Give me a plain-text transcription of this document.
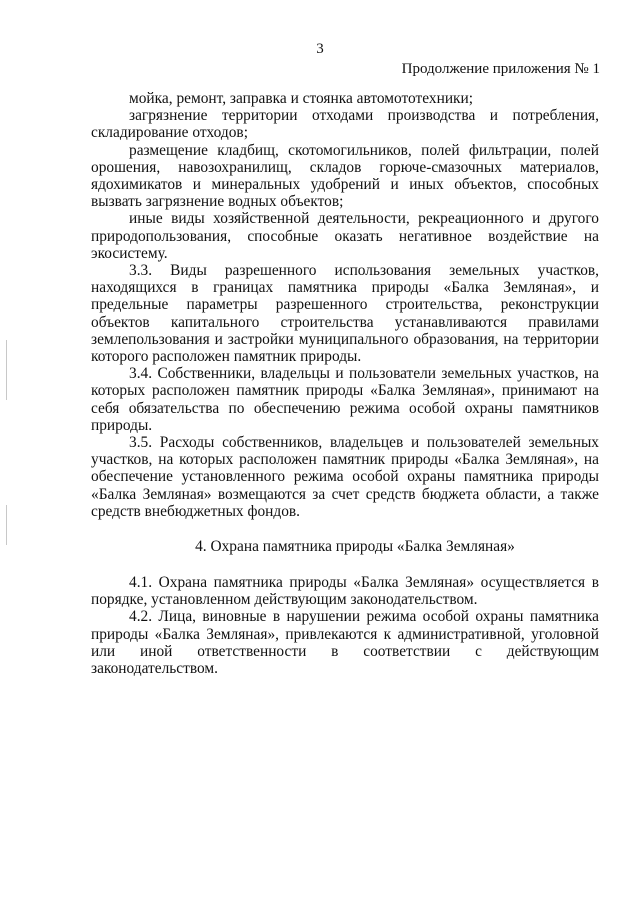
3
Продолжение приложения № 1

мойка, ремонт, заправка и стоянка автомототехники;

загрязнение территории отходами производства и потребления, складирование отходов;

размещение кладбищ, скотомогильников, полей фильтрации, полей орошения, навозохранилищ, складов горюче-смазочных материалов, ядохимикатов и минеральных удобрений и иных объектов, способных вызвать загрязнение водных объектов;

иные виды хозяйственной деятельности, рекреационного и другого природопользования, способные оказать негативное воздействие на экосистему.

3.3. Виды разрешенного использования земельных участков, находящихся в границах памятника природы «Балка Земляная», и предельные параметры разрешенного строительства, реконструкции объектов капитального строительства устанавливаются правилами землепользования и застройки муниципального образования, на территории которого расположен памятник природы.

3.4. Собственники, владельцы и пользователи земельных участков, на которых расположен памятник природы «Балка Земляная», принимают на себя обязательства по обеспечению режима особой охраны памятников природы.

3.5. Расходы собственников, владельцев и пользователей земельных участков, на которых расположен памятник природы «Балка Земляная», на обеспечение установленного режима особой охраны памятника природы «Балка Земляная» возмещаются за счет средств бюджета области, а также средств внебюджетных фондов.

4. Охрана памятника природы «Балка Земляная»

4.1. Охрана памятника природы «Балка Земляная» осуществляется в порядке, установленном действующим законодательством.

4.2. Лица, виновные в нарушении режима особой охраны памятника природы «Балка Земляная», привлекаются к административной, уголовной или иной ответственности в соответствии с действующим законодательством.
